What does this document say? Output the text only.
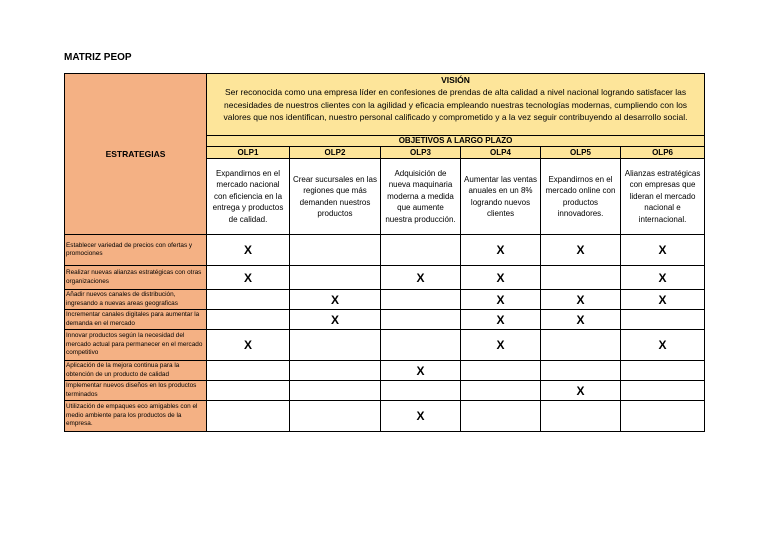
MATRIZ PEOP
ESTRATEGIAS	VISIÓN
Ser reconocida como una empresa líder en confesiones de prendas de alta calidad a nivel nacional logrando satisfacer las necesidades de nuestros clientes con la agilidad y eficacia empleando nuestras tecnologías modernas, cumpliendo con los valores que nos identifican, nuestro personal calificado y comprometido y a la vez seguir contribuyendo al desarrollo social.					
	OBJETIVOS A LARGO PLAZO					
	OLP1	OLP2	OLP3	OLP4	OLP5	OLP6
	Expandirnos en el mercado nacional con eficiencia en la entrega y productos de calidad.	Crear sucursales en las regiones que más demanden nuestros productos	Adquisición de nueva maquinaria moderna a medida que aumente nuestra producción.	Aumentar las ventas anuales en un 8% logrando nuevos clientes	Expandirnos en el mercado online con productos innovadores.	Alianzas estratégicas con empresas que lideran el mercado nacional e internacional.
Establecer variedad de precios con ofertas y promociones	X			X	X	X
Realizar nuevas alianzas estratégicas con otras organizaciones	X		X	X		X
Añadir nuevos canales de distribución, ingresando a nuevas areas geograficas		X		X	X	X
Incrementar canales digitales para aumentar la demanda en el mercado		X		X	X	
Innovar productos según la necesidad del mercado actual para permanecer en el mercado competitivo	X			X		X
Aplicación de la mejora continua para la obtención de un producto de calidad			X			
Implementar nuevos diseños en los productos terminados					X	
Utilización de empaques eco amigables con el medio ambiente para los productos de la empresa.			X			
